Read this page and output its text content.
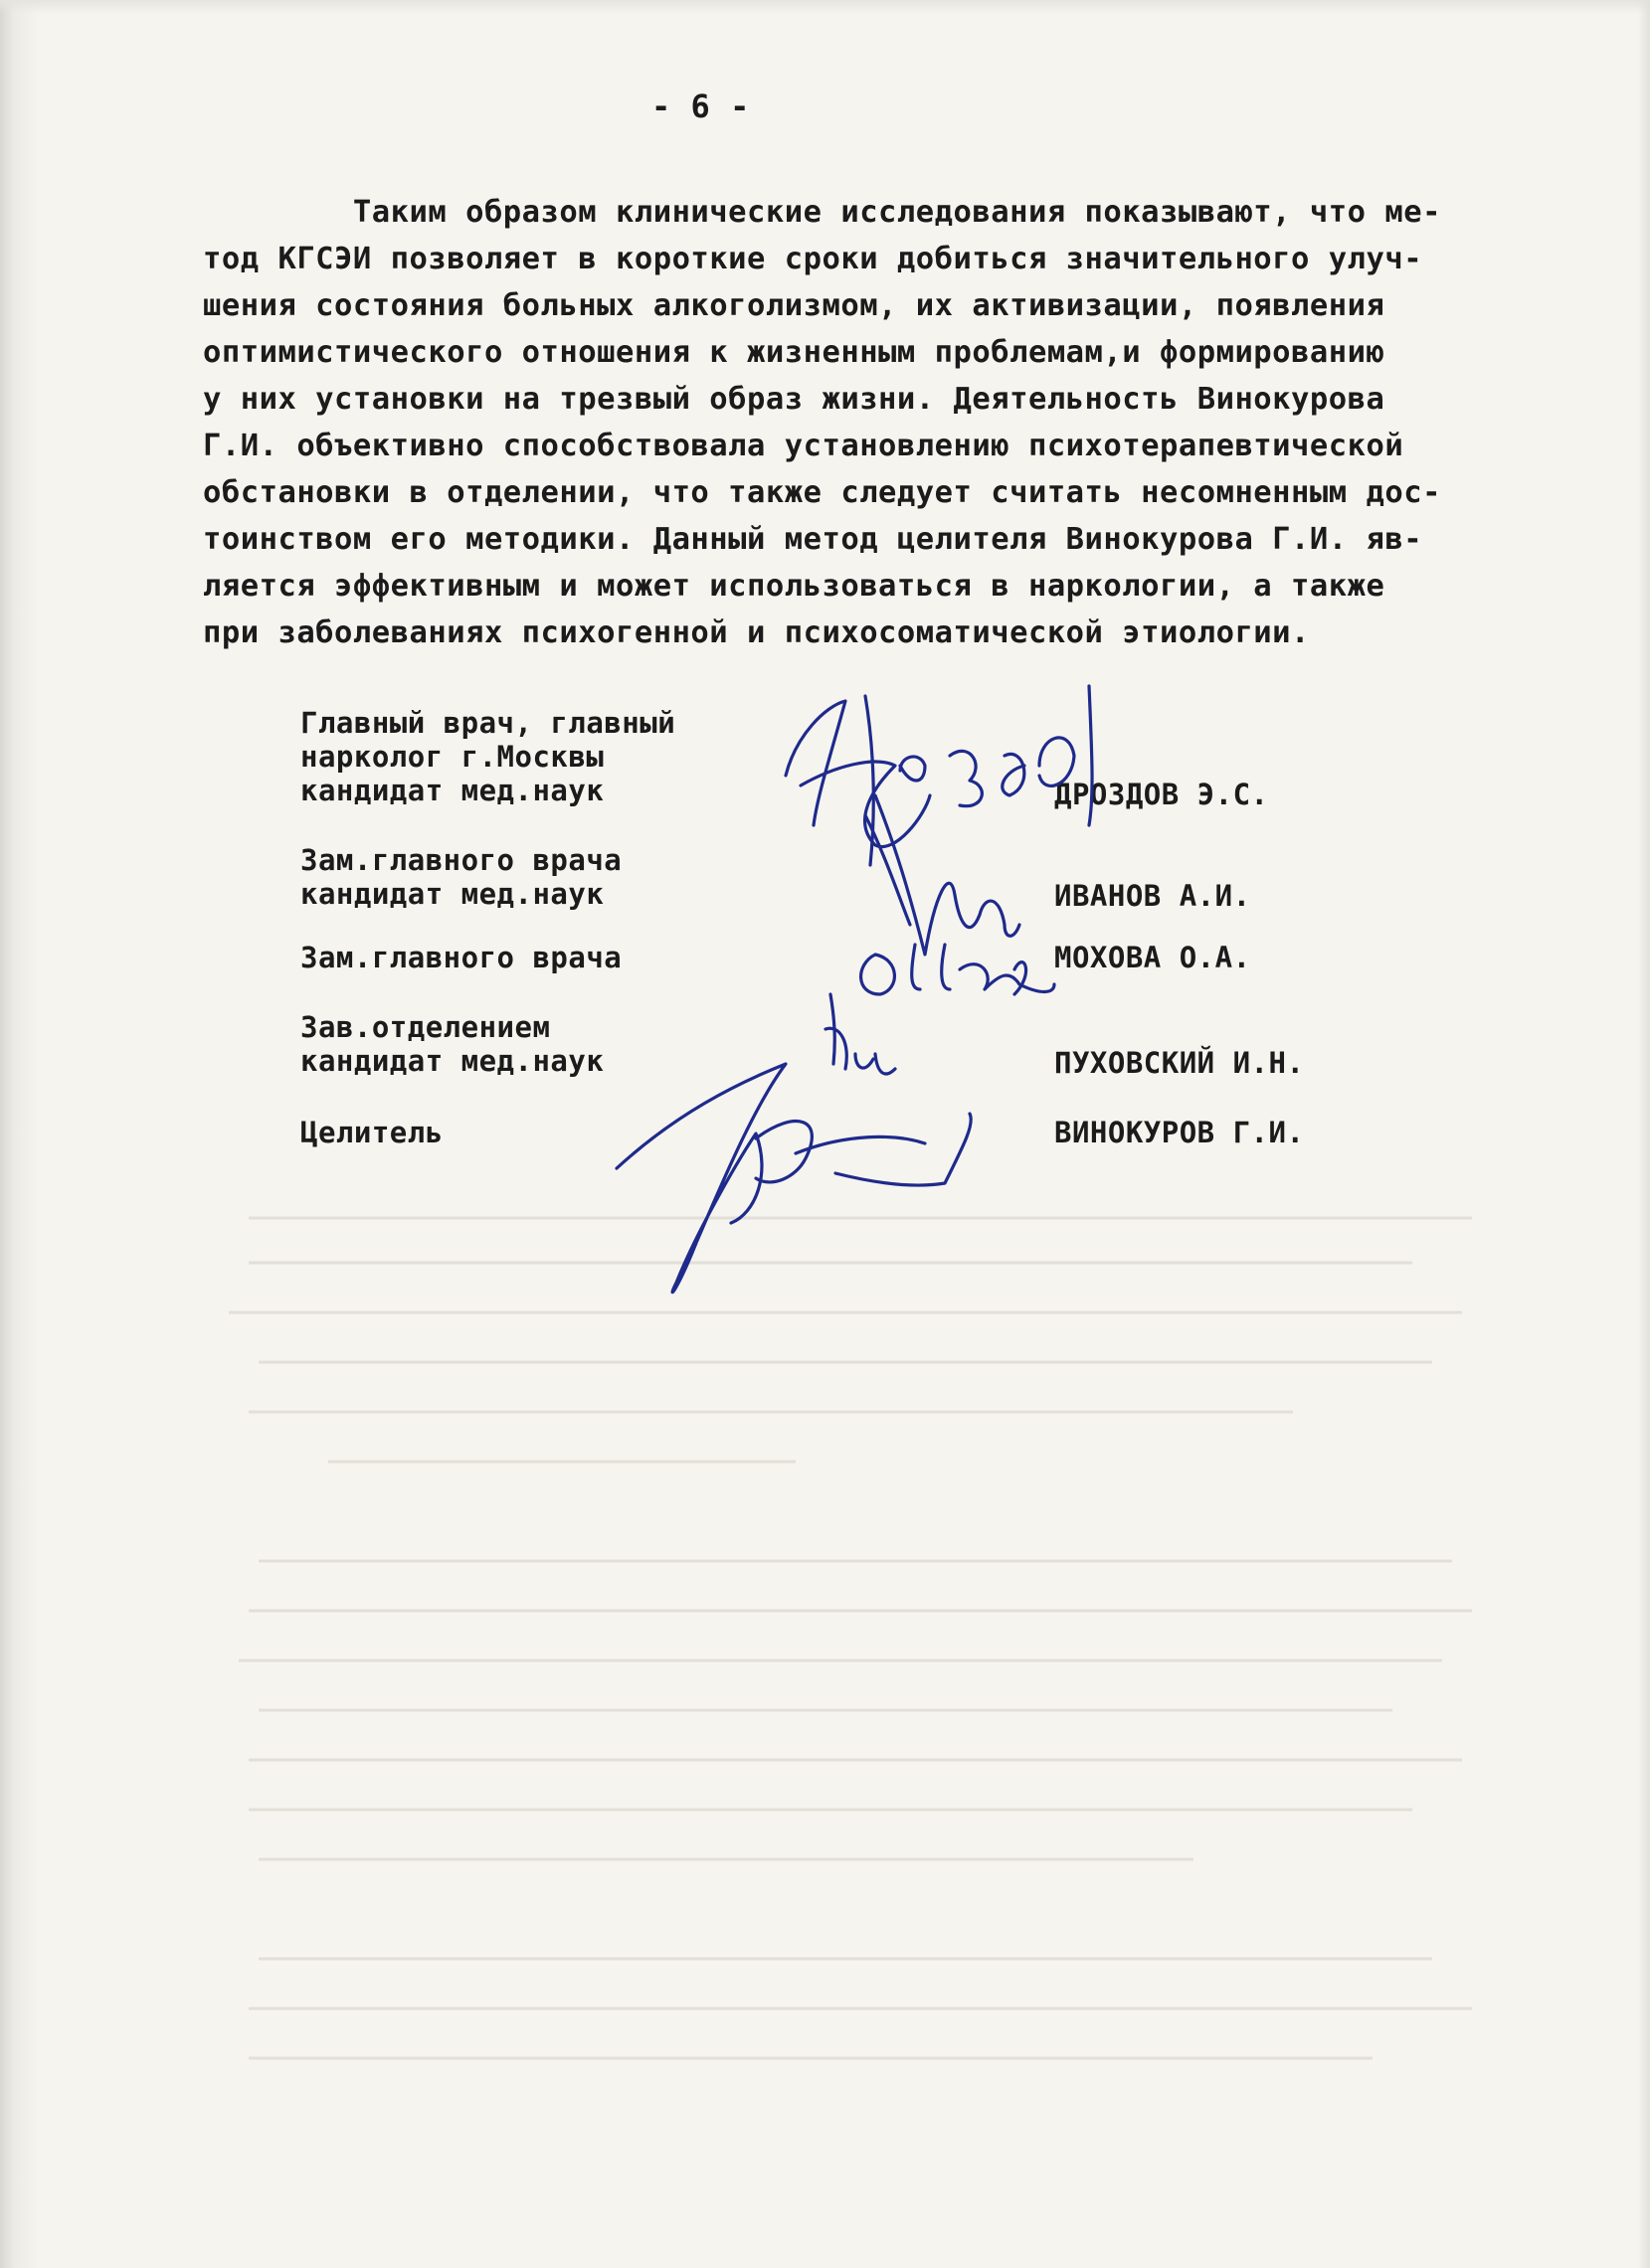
- 6 -
Таким образом клинические исследования показывают, что ме-
тод КГСЭИ позволяет в короткие сроки добиться значительного улуч-
шения состояния больных алкоголизмом, их активизации, появления
оптимистического отношения к жизненным проблемам,и формированию
у них установки на трезвый образ жизни. Деятельность Винокурова
Г.И. объективно способствовала установлению психотерапевтической
обстановки в отделении, что также следует считать несомненным дос-
тоинством его методики. Данный метод целителя Винокурова Г.И. яв-
ляется эффективным и может использоваться в наркологии, а также
при заболеваниях психогенной и психосоматической этиологии.
Главный врач, главный
нарколог г.Москвы
кандидат мед.наук	ДРОЗДОВ Э.С.
Зам.главного врача
кандидат мед.наук	ИВАНОВ А.И.
Зам.главного врача	МОХОВА О.А.
Зав.отделением
кандидат мед.наук	ПУХОВСКИЙ И.Н.
Целитель	ВИНОКУРОВ Г.И.
